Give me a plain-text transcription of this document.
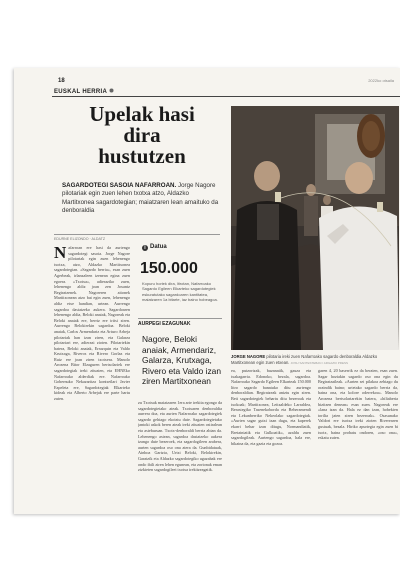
18	2022ko otsaila
EUSKAL HERRIA
Upelak hasi
dira
hustutzen

SAGARDOTEGI SASOIA NAFARROAN. Jorge Nagore pilotariak egin zuen lehen txotxa atzo, Aldazko Martitxonea sagardotegian; maiatzaren lean amaituko da denboraldia

EDURNE ELIZONDO · ALDATZ
N afarroan ere hasi da aurtengo sagardotegi sasoia. Jorge Nagore pilotariak egin zuen lehenengo txotxa, atzo, Aldazko Martitxonea sagardotegian. «Sagardo berria», esan zuen Agerbeak, irlanzaleen izenean egina zuen egoera. «Txotxa», adieraziko zuen, lehenengo aldiz joan zen Joxantz Begiratzenek. Nagoreren aitonek Martitxonean atzo bat egin zuen, lehenengo aldiz etxe handian, urtean. Aurrengo sagardoa dastatzeko aukera. Sagardoaren lehenengo aldia, Beloki anaiak, Nagoreak eta Beloki anaiak ere, berriz ere iritsi ziren. Aurrengo Belokirekin sagardoa. Beloki anaiak, Carlos Armendariz eta Arturo Arbeja pilotariak han izan ziren, eta Galarza pilotariari ere, adierazi zioten. Pilotariekin batera, Beloki anaiak, Errazquin eta Valdo Krutxaga, Riveros eta Rivero Gorlaz eta Ruiz ere joan ziren txotxera. Manolo Arozena Bitor Elzaguren bertsolariek ere sagardotegiak ireki zituzten, eta EHNEko Nafarroako alderdiak ere. Nafarroako Gobernuko Nekazaritza kontseilari Javier Ezpeleta ere, Sagardotegiak Elkarteko kideak eta Alberto Arbejak ere parte hartu zuten.
i Datua
150.000
Kopuru horiek dira, litrotan, Nafarroako Sagardo Egileen Elkarteko sagardotegiek eskuratutako sagardoaren kantitatea, maiatzaren 1a bitarte, iaz baino hobeagoa.
AURPEGI EZAGUNAK
Nagore, Beloki anaiak, Armendariz, Galarza, Krutxaga, Rivero eta Valdo izan ziren Martitxonean
zu Txotxak maiatzaren 1era arte irekita egongo da sagardotegietako ateak. Txotxaren denboraldia aurrera doa, eta aurten Nafarroako sagardotegiek sagardo gehiago ekoiztu dute. Sagardotegietako jantoki askok beren ateak ireki zituzten ostiralean eta asteburuan. Txotx-denboraldi berria abian da. Lehenengo astean, sagardoa dastatzeko aukera izango dute bezeroek, eta sagardogileen arabera, aurten sagardoa oso ona atera da. Gunbidatuak, Ainboa Gartzia, Urtzi Beloki, Belokirekin, Garatzik eta Aldazko sagardotegiko ugazabak ere ondo ibili ziren lehen egunean, eta zorionak eman zizkieten sagardogileei txotxa irekitzeagatik.
JORGE NAGORE pilotaria ireki zuen Nafarroako sagardo denboraldia Aldazko Martitxonean egin zuen etxean. JOSU SANTESTEBAN / ARGAZKI PRESS
ea, putzortzak, buzanatik, gauza eta txakagarria. Edonoko, bezala, sagardoa. Nafarroako Sagardo Egileen Elkarteak 150.000 litro sagardo banatuko ditu aurtengo denboraldian. Begiratzeak aniztu egin ziren. Beti sagardotegiek behartu ditu bezeroak eta txokoak; Martitxonea, Leitzaldeko Larraldea, Berastegiko Tasenekoborda eta Beheramendi eta Lekunberriko Nekeolako sagardotegiak. «Aurten sagar gutxi izan dugu, eta kaperek ekarri behar izan ditugu, Normandiatik, Bretainiatik eta Gulkoatik», azaldu zuen sagardogileak. Aurtengo sagardoa, hala ere, bikaina da, eta gazia eta gozoa.
garen 4, 20 baserrik ez da beraien, esan zuen. Sagar hoziakin sagardo oso ona egin du Begiratzaileak. «Aurten sei pilakoa zebiago du oraindik baino; urtetako sagardo berria da, baina ona, eta kolore oderrekoa». Manolo Arozena bertsolariarekin batera, «hiltaberia bizitzen denean» esan zuen. Nagoreak ere «lana izan da. Hala ez dan izan, hobekien torilia jaten ziren bezeroak». Osasunako Valdori ere txotxa ireki zioten Riverearen gustuak, bezala. Hiriko apurtegia egin zuen bi txotx, baina probatu ondoren, «oso ona», eskatu zuten.
